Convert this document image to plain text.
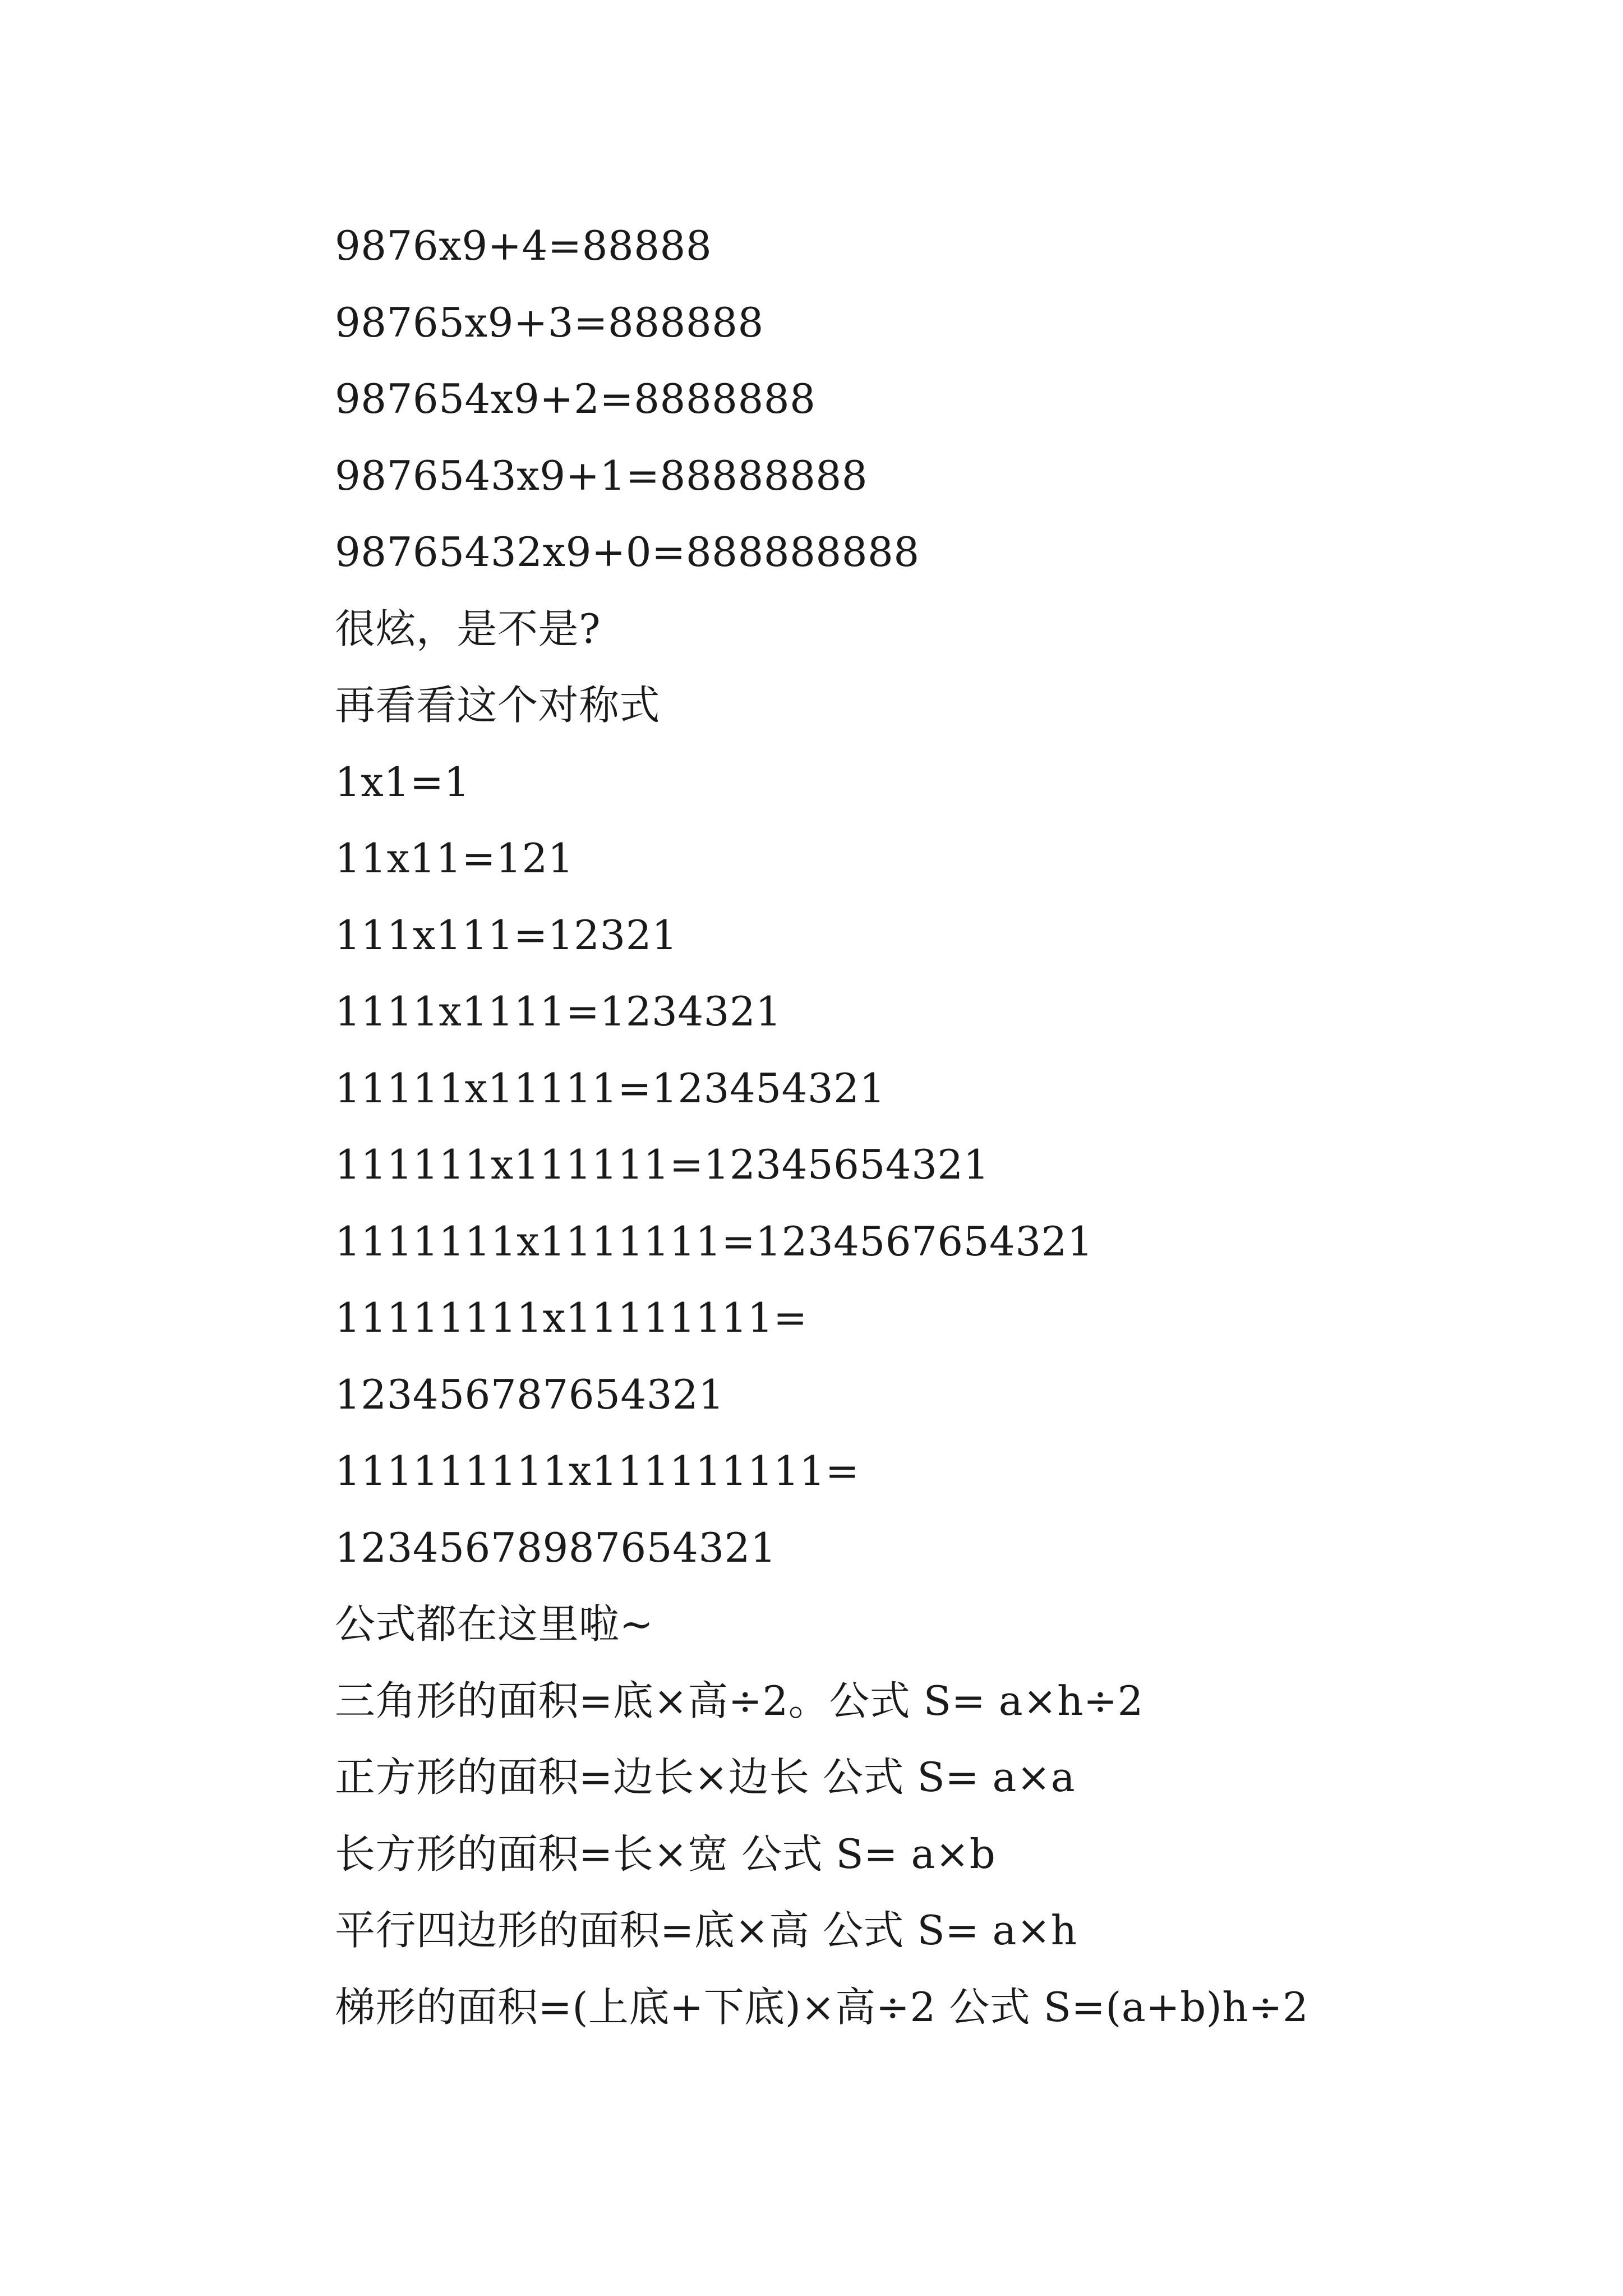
9876x9+4=88888
98765x9+3=888888
987654x9+2=8888888
9876543x9+1=88888888
98765432x9+0=888888888
很炫，是不是?
再看看这个对称式
1x1=1
11x11=121
111x111=12321
1111x1111=1234321
11111x11111=123454321
111111x111111=12345654321
1111111x1111111=1234567654321
11111111x11111111=
123456787654321
111111111x111111111=
12345678987654321
公式都在这里啦~
三角形的面积=底×高÷2。公式 S= a×h÷2
正方形的面积=边长×边长 公式 S= a×a
长方形的面积=长×宽 公式 S= a×b
平行四边形的面积=底×高 公式 S= a×h
梯形的面积=(上底+下底)×高÷2 公式 S=(a+b)h÷2
